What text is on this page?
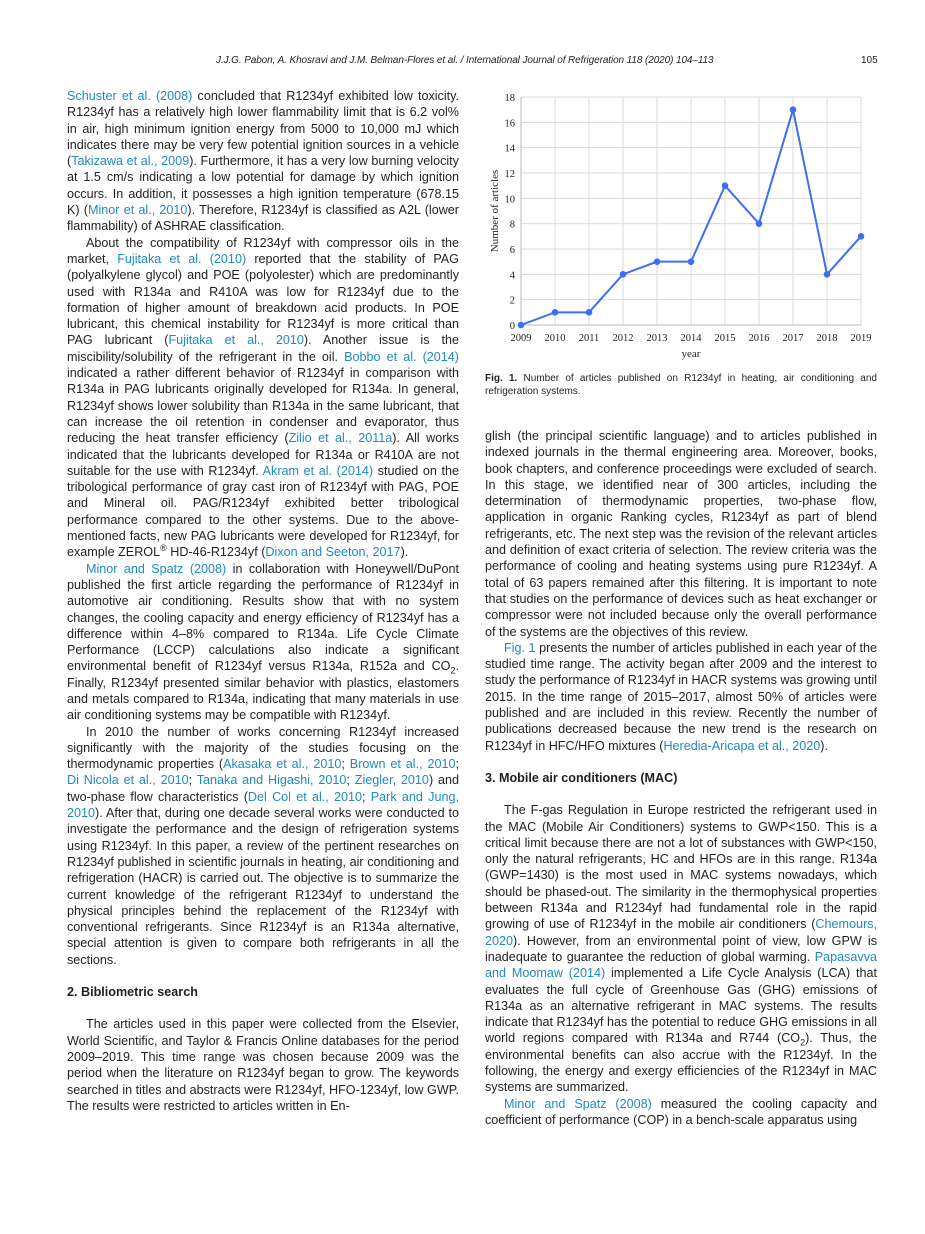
J.J.G. Pabon, A. Khosravi and J.M. Belman-Flores et al. / International Journal of Refrigeration 118 (2020) 104–113	105

Schuster et al. (2008) concluded that R1234yf exhibited low toxicity. R1234yf has a relatively high lower flammability limit that is 6.2 vol% in air, high minimum ignition energy from 5000 to 10,000 mJ which indicates there may be very few potential ignition sources in a vehicle (Takizawa et al., 2009). Furthermore, it has a very low burning velocity at 1.5 cm/s indicating a low potential for damage by which ignition occurs. In addition, it possesses a high ignition temperature (678.15 K) (Minor et al., 2010). Therefore, R1234yf is classified as A2L (lower flammability) of ASHRAE classification.

About the compatibility of R1234yf with compressor oils in the market, Fujitaka et al. (2010) reported that the stability of PAG (polyalkylene glycol) and POE (polyolester) which are predominantly used with R134a and R410A was low for R1234yf due to the formation of higher amount of breakdown acid products. In POE lubricant, this chemical instability for R1234yf is more critical than PAG lubricant (Fujitaka et al., 2010). Another issue is the miscibility/solubility of the refrigerant in the oil. Bobbo et al. (2014) indicated a rather different behavior of R1234yf in comparison with R134a in PAG lubricants originally developed for R134a. In general, R1234yf shows lower solubility than R134a in the same lubricant, that can increase the oil retention in condenser and evaporator, thus reducing the heat transfer efficiency (Zilio et al., 2011a). All works indicated that the lubricants developed for R134a or R410A are not suitable for the use with R1234yf. Akram et al. (2014) studied on the tribological performance of gray cast iron of R1234yf with PAG, POE and Mineral oil. PAG/R1234yf exhibited better tribological performance compared to the other systems. Due to the above-mentioned facts, new PAG lubricants were developed for R1234yf, for example ZEROL® HD-46-R1234yf (Dixon and Seeton, 2017).

Minor and Spatz (2008) in collaboration with Honeywell/DuPont published the first article regarding the performance of R1234yf in automotive air conditioning. Results show that with no system changes, the cooling capacity and energy efficiency of R1234yf has a difference within 4–8% compared to R134a. Life Cycle Climate Performance (LCCP) calculations also indicate a significant environmental benefit of R1234yf versus R134a, R152a and $CO_2$. Finally, R1234yf presented similar behavior with plastics, elastomers and metals compared to R134a, indicating that many materials in use air conditioning systems may be compatible with R1234yf.

In 2010 the number of works concerning R1234yf increased significantly with the majority of the studies focusing on the thermodynamic properties (Akasaka et al., 2010; Brown et al., 2010; Di Nicola et al., 2010; Tanaka and Higashi, 2010; Ziegler, 2010) and two-phase flow characteristics (Del Col et al., 2010; Park and Jung, 2010). After that, during one decade several works were conducted to investigate the performance and the design of refrigeration systems using R1234yf. In this paper, a review of the pertinent researches on R1234yf published in scientific journals in heating, air conditioning and refrigeration (HACR) is carried out. The objective is to summarize the current knowledge of the refrigerant R1234yf to understand the physical principles behind the replacement of the R1234yf with conventional refrigerants. Since R1234yf is an R134a alternative, special attention is given to compare both refrigerants in all the sections.

2. Bibliometric search

The articles used in this paper were collected from the Elsevier, World Scientific, and Taylor & Francis Online databases for the period 2009–2019. This time range was chosen because 2009 was the period when the literature on R1234yf began to grow. The keywords searched in titles and abstracts were R1234yf, HFO-1234yf, low GWP. The results were restricted to articles written in En-

0
2
4
6
8
10
12
14
16
18
2009 2010 2011 2012 2013 2014 2015 2016 2017 2018 2019
year
Number of articles
Fig. 1. Number of articles published on R1234yf in heating, air conditioning and refrigeration systems.

glish (the principal scientific language) and to articles published in indexed journals in the thermal engineering area. Moreover, books, book chapters, and conference proceedings were excluded of search. In this stage, we identified near of 300 articles, including the determination of thermodynamic properties, two-phase flow, application in organic Ranking cycles, R1234yf as part of blend refrigerants, etc. The next step was the revision of the relevant articles and definition of exact criteria of selection. The review criteria was the performance of cooling and heating systems using pure R1234yf. A total of 63 papers remained after this filtering. It is important to note that studies on the performance of devices such as heat exchanger or compressor were not included because only the overall performance of the systems are the objectives of this review.

Fig. 1 presents the number of articles published in each year of the studied time range. The activity began after 2009 and the interest to study the performance of R1234yf in HACR systems was growing until 2015. In the time range of 2015–2017, almost 50% of articles were published and are included in this review. Recently the number of publications decreased because the new trend is the research on R1234yf in HFC/HFO mixtures (Heredia-Aricapa et al., 2020).

3. Mobile air conditioners (MAC)

The F-gas Regulation in Europe restricted the refrigerant used in the MAC (Mobile Air Conditioners) systems to GWP<150. This is a critical limit because there are not a lot of substances with GWP<150, only the natural refrigerants, HC and HFOs are in this range. R134a (GWP=1430) is the most used in MAC systems nowadays, which should be phased-out. The similarity in the thermophysical properties between R134a and R1234yf had fundamental role in the rapid growing of use of R1234yf in the mobile air conditioners (Chemours, 2020). However, from an environmental point of view, low GPW is inadequate to guarantee the reduction of global warming. Papasavva and Moomaw (2014) implemented a Life Cycle Analysis (LCA) that evaluates the full cycle of Greenhouse Gas (GHG) emissions of R134a as an alternative refrigerant in MAC systems. The results indicate that R1234yf has the potential to reduce GHG emissions in all world regions compared with R134a and R744 $(CO_2)$. Thus, the environmental benefits can also accrue with the R1234yf. In the following, the energy and exergy efficiencies of the R1234yf in MAC systems are summarized.

Minor and Spatz (2008) measured the cooling capacity and coefficient of performance (COP) in a bench-scale apparatus using
